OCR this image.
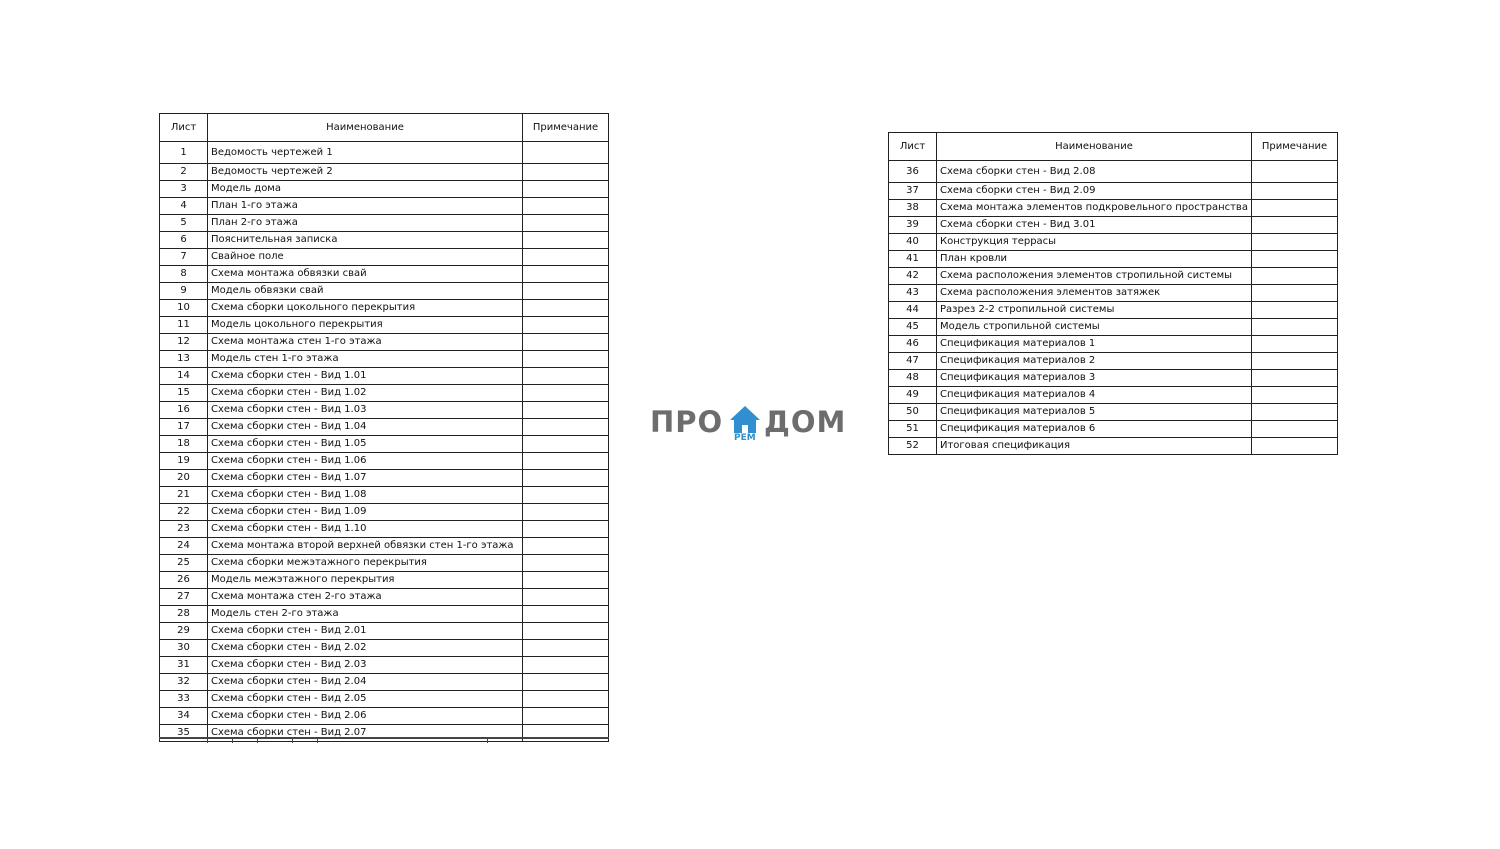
Лист	Наименование	Примечание
1	Ведомость чертежей 1	
2	Ведомость чертежей 2	
3	Модель дома	
4	План 1-го этажа	
5	План 2-го этажа	
6	Пояснительная записка	
7	Свайное поле	
8	Схема монтажа обвязки свай	
9	Модель обвязки свай	
10	Схема сборки цокольного перекрытия	
11	Модель цокольного перекрытия	
12	Схема монтажа стен 1-го этажа	
13	Модель стен 1-го этажа	
14	Схема сборки стен - Вид 1.01	
15	Схема сборки стен - Вид 1.02	
16	Схема сборки стен - Вид 1.03	
17	Схема сборки стен - Вид 1.04	
18	Схема сборки стен - Вид 1.05	
19	Схема сборки стен - Вид 1.06	
20	Схема сборки стен - Вид 1.07	
21	Схема сборки стен - Вид 1.08	
22	Схема сборки стен - Вид 1.09	
23	Схема сборки стен - Вид 1.10	
24	Схема монтажа второй верхней обвязки стен 1-го этажа	
25	Схема сборки межэтажного перекрытия	
26	Модель межэтажного перекрытия	
27	Схема монтажа стен 2-го этажа	
28	Модель стен 2-го этажа	
29	Схема сборки стен - Вид 2.01	
30	Схема сборки стен - Вид 2.02	
31	Схема сборки стен - Вид 2.03	
32	Схема сборки стен - Вид 2.04	
33	Схема сборки стен - Вид 2.05	
34	Схема сборки стен - Вид 2.06	
35	Схема сборки стен - Вид 2.07	
ПРО РЕМ ДОМ
Лист	Наименование	Примечание
36	Схема сборки стен - Вид 2.08	
37	Схема сборки стен - Вид 2.09	
38	Схема монтажа элементов подкровельного пространства	
39	Схема сборки стен - Вид 3.01	
40	Конструкция террасы	
41	План кровли	
42	Схема расположения элементов стропильной системы	
43	Схема расположения элементов затяжек	
44	Разрез 2-2 стропильной системы	
45	Модель стропильной системы	
46	Спецификация материалов 1	
47	Спецификация материалов 2	
48	Спецификация материалов 3	
49	Спецификация материалов 4	
50	Спецификация материалов 5	
51	Спецификация материалов 6	
52	Итоговая спецификация	
